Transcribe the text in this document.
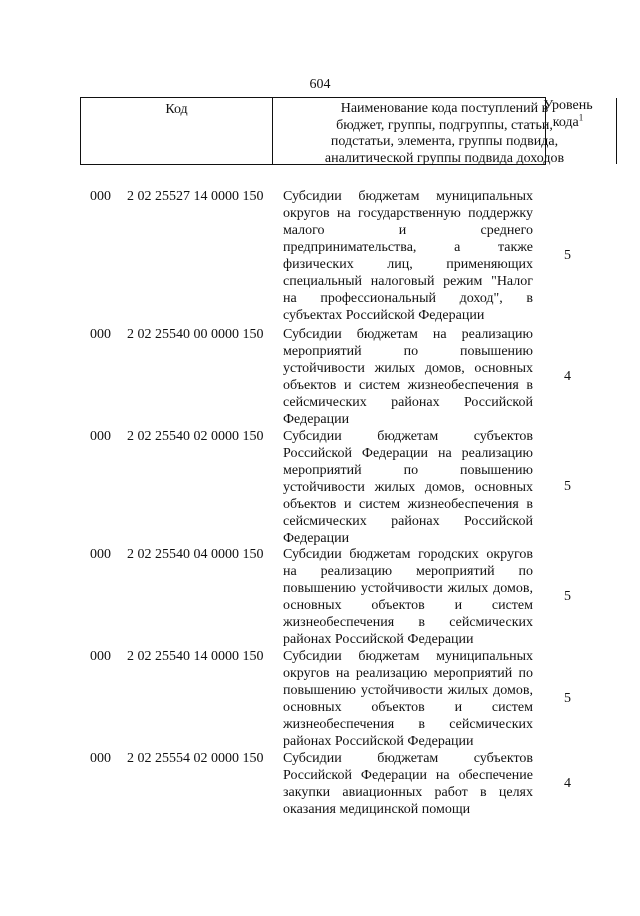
604
Код	Наименование кода поступлений в
бюджет, группы, подгруппы, статьи,
подстатьи, элемента, группы подвида,
аналитической группы подвида доходов
Уровень
кода$^1$
000 2 02 25527 14 0000 150 Субсидии бюджетам муниципальных
округов на государственную поддержку
малого и среднего
предпринимательства, а также
физических лиц, применяющих
специальный налоговый режим "Налог
на профессиональный доход", в
субъектах Российской Федерации
5
000 2 02 25540 00 0000 150 Субсидии бюджетам на реализацию
мероприятий по повышению
устойчивости жилых домов, основных
объектов и систем жизнеобеспечения в
сейсмических районах Российской
Федерации
4
000 2 02 25540 02 0000 150 Субсидии бюджетам субъектов
Российской Федерации на реализацию
мероприятий по повышению
устойчивости жилых домов, основных
объектов и систем жизнеобеспечения в
сейсмических районах Российской
Федерации
5
000 2 02 25540 04 0000 150 Субсидии бюджетам городских округов
на реализацию мероприятий по
повышению устойчивости жилых домов,
основных объектов и систем
жизнеобеспечения в сейсмических
районах Российской Федерации
5
000 2 02 25540 14 0000 150 Субсидии бюджетам муниципальных
округов на реализацию мероприятий по
повышению устойчивости жилых домов,
основных объектов и систем
жизнеобеспечения в сейсмических
районах Российской Федерации
5
000 2 02 25554 02 0000 150 Субсидии бюджетам субъектов
Российской Федерации на обеспечение
закупки авиационных работ в целях
оказания медицинской помощи
4
